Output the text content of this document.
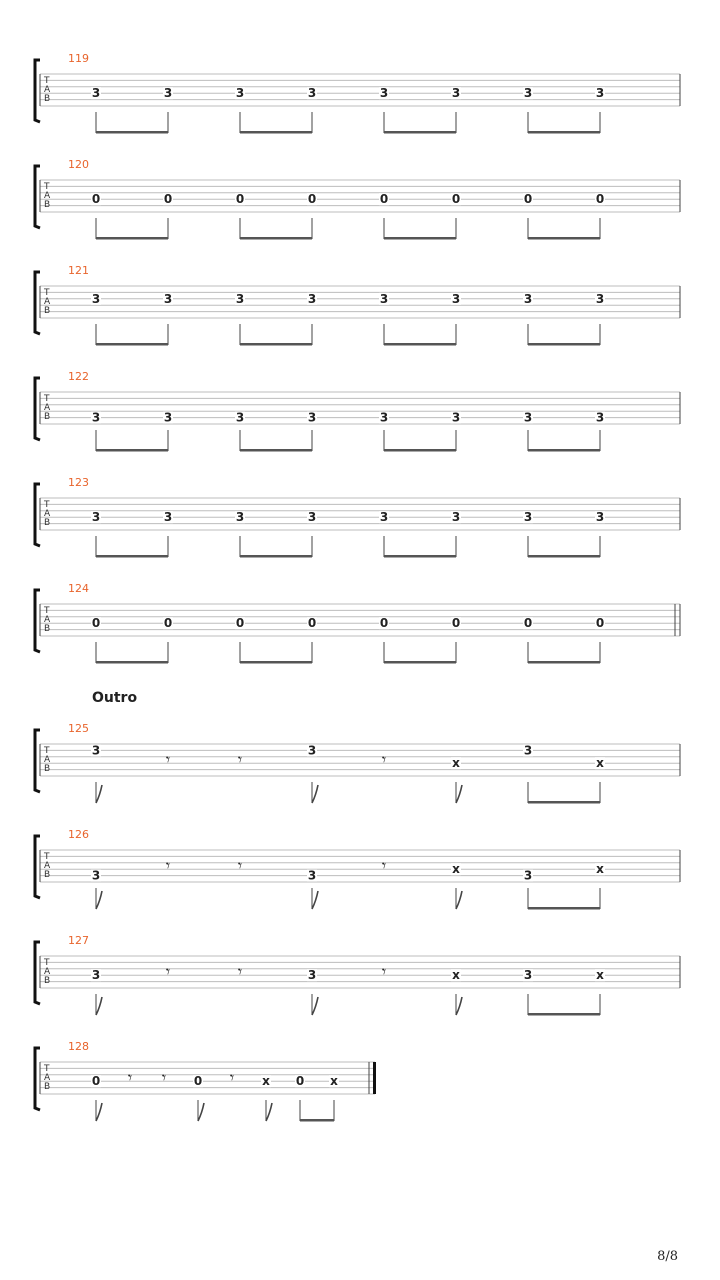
119
T
A
B	3	3	3	3	3	3	3	3
120
T
A
B	0	0	0	0	0	0	0	0
121
T
A
B
3	3	3	3	3	3	3	3
122
T
A
B	3	3	3	3	3	3	3	3
123
T
A
B	3	3	3	3	3	3	3	3
124
T
A
B	0	0	0	0	0	0	0	0
125
T
A
B
3	𝄾	𝄾	3	𝄾	x
3
x
126
T
A
B	3
𝄾	𝄾
3
𝄾	x	3	x
127
T
A
B	3	𝄾	𝄾	3	𝄾	x	3	x
128
T
A
B	0 𝄾 𝄾 0 𝄾 x 0 x
Outro
8/8
